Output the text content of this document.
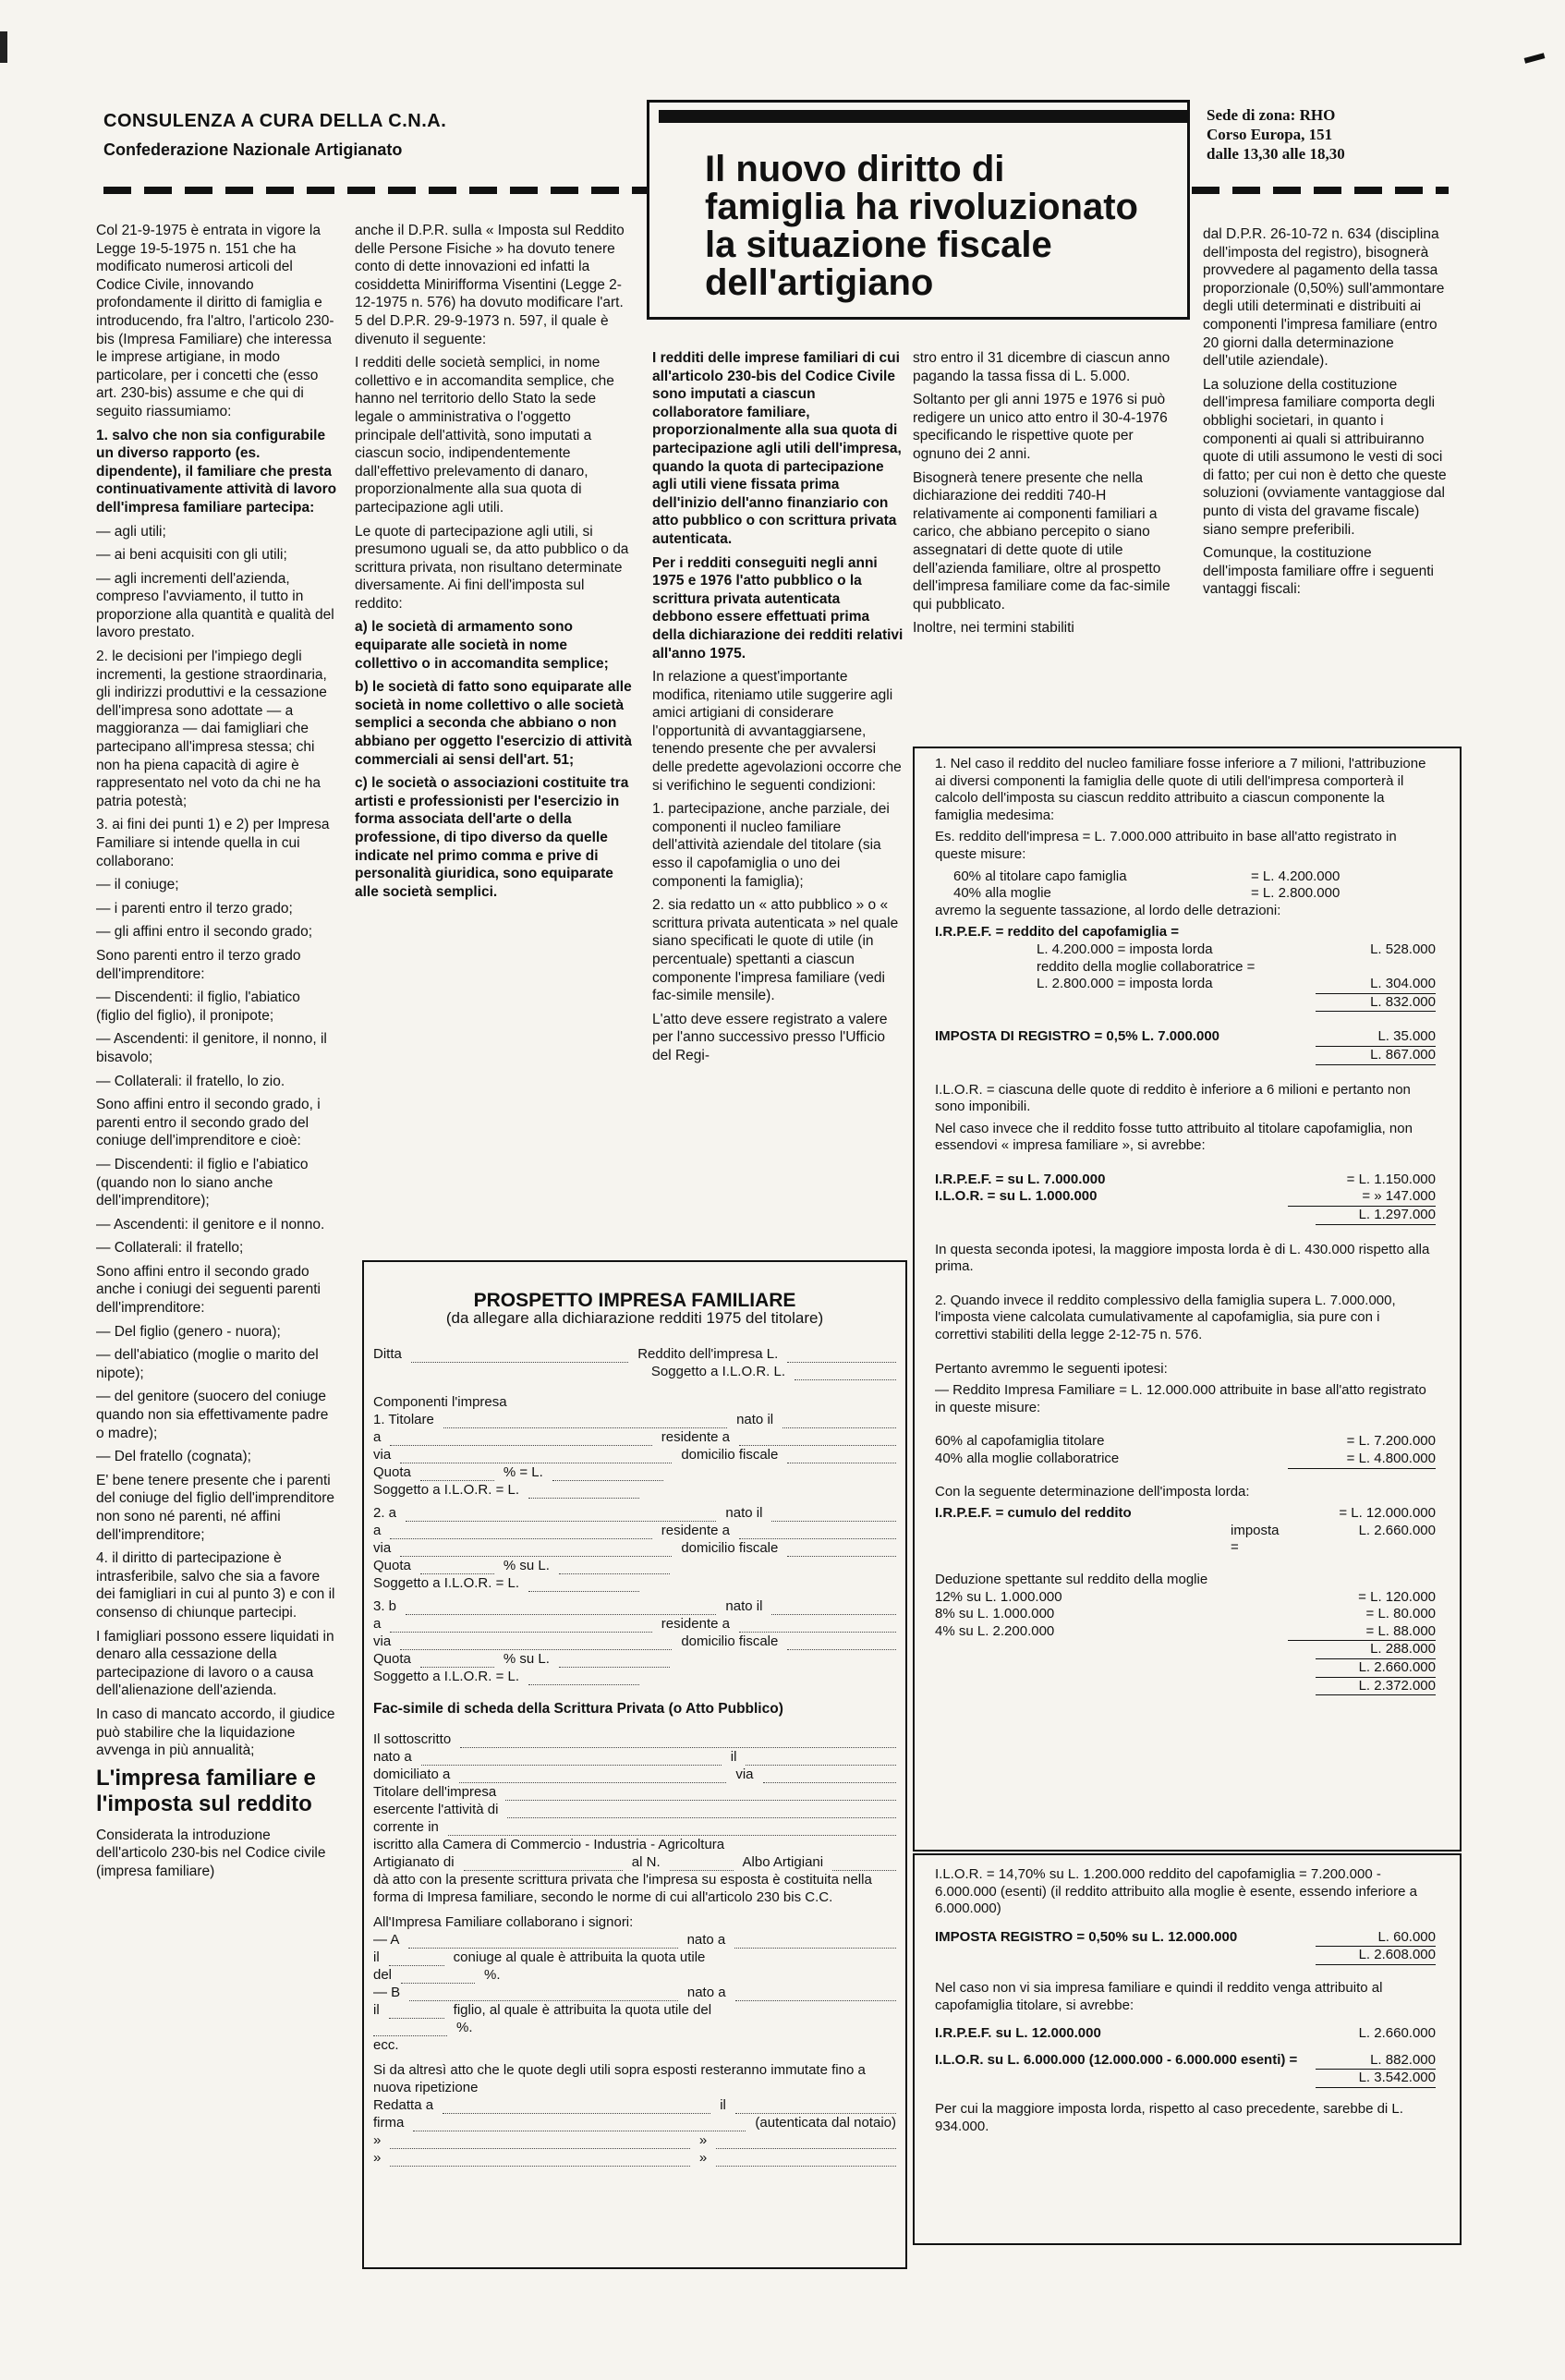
CONSULENZA A CURA DELLA C.N.A.
Confederazione Nazionale Artigianato	Il nuovo diritto di
famiglia ha rivoluzionato
la situazione fiscale
dell'artigiano
Sede di zona: RHO
Corso Europa, 151
dalle 13,30 alle 18,30

Col 21-9-1975 è entrata in vigore la Legge 19-5-1975 n. 151 che ha modificato numerosi articoli del Codice Civile, innovando profondamente il diritto di famiglia e introducendo, fra l'altro, l'articolo 230-bis (Impresa Familiare) che interessa le imprese artigiane, in modo particolare, per i concetti che (esso art. 230-bis) assume e che qui di seguito riassumiamo:

1. salvo che non sia configurabile un diverso rapporto (es. dipendente), il familiare che presta continuativamente attività di lavoro dell'impresa familiare partecipa:

— agli utili;

— ai beni acquisiti con gli utili;

— agli incrementi dell'azienda, compreso l'avviamento, il tutto in proporzione alla quantità e qualità del lavoro prestato.

2. le decisioni per l'impiego degli incrementi, la gestione straordinaria, gli indirizzi produttivi e la cessazione dell'impresa sono adottate — a maggioranza — dai famigliari che partecipano all'impresa stessa; chi non ha piena capacità di agire è rappresentato nel voto da chi ne ha patria potestà;

3. ai fini dei punti 1) e 2) per Impresa Familiare si intende quella in cui collaborano:

— il coniuge;

— i parenti entro il terzo grado;

— gli affini entro il secondo grado;

Sono parenti entro il terzo grado dell'imprenditore:

— Discendenti: il figlio, l'abiatico (figlio del figlio), il pronipote;

— Ascendenti: il genitore, il nonno, il bisavolo;

— Collaterali: il fratello, lo zio.

Sono affini entro il secondo grado, i parenti entro il secondo grado del coniuge dell'imprenditore e cioè:

— Discendenti: il figlio e l'abiatico (quando non lo siano anche dell'imprenditore);

— Ascendenti: il genitore e il nonno.

— Collaterali: il fratello;

Sono affini entro il secondo grado anche i coniugi dei seguenti parenti dell'imprenditore:

— Del figlio (genero - nuora);

— dell'abiatico (moglie o marito del nipote);

— del genitore (suocero del coniuge quando non sia effettivamente padre o madre);

— Del fratello (cognata);

E' bene tenere presente che i parenti del coniuge del figlio dell'imprenditore non sono né parenti, né affini dell'imprenditore;

4. il diritto di partecipazione è intrasferibile, salvo che sia a favore dei famigliari in cui al punto 3) e con il consenso di chiunque partecipi.

I famigliari possono essere liquidati in denaro alla cessazione della partecipazione di lavoro o a causa dell'alienazione dell'azienda.

In caso di mancato accordo, il giudice può stabilire che la liquidazione avvenga in più annualità;

L'impresa familiare e l'imposta sul reddito

Considerata la introduzione dell'articolo 230-bis nel Codice civile (impresa familiare)

anche il D.P.R. sulla « Imposta sul Reddito delle Persone Fisiche » ha dovuto tenere conto di dette innovazioni ed infatti la cosiddetta Minirifforma Visentini (Legge 2-12-1975 n. 576) ha dovuto modificare l'art. 5 del D.P.R. 29-9-1973 n. 597, il quale è divenuto il seguente:

I redditi delle società semplici, in nome collettivo e in accomandita semplice, che hanno nel territorio dello Stato la sede legale o amministrativa o l'oggetto principale dell'attività, sono imputati a ciascun socio, indipendentemente dall'effettivo prelevamento di danaro, proporzionalmente alla sua quota di partecipazione agli utili.

Le quote di partecipazione agli utili, si presumono uguali se, da atto pubblico o da scrittura privata, non risultano determinate diversamente. Ai fini dell'imposta sul reddito:

a) le società di armamento sono equiparate alle società in nome collettivo o in accomandita semplice;

b) le società di fatto sono equiparate alle società in nome collettivo o alle società semplici a seconda che abbiano o non abbiano per oggetto l'esercizio di attività commerciali ai sensi dell'art. 51;

c) le società o associazioni costituite tra artisti e professionisti per l'esercizio in forma associata dell'arte o della professione, di tipo diverso da quelle indicate nel primo comma e prive di personalità giuridica, sono equiparate alle società semplici.

I redditi delle imprese familiari di cui all'articolo 230-bis del Codice Civile sono imputati a ciascun collaboratore familiare, proporzionalmente alla sua quota di partecipazione agli utili dell'impresa, quando la quota di partecipazione agli utili viene fissata prima dell'inizio dell'anno finanziario con atto pubblico o con scrittura privata autenticata.

Per i redditi conseguiti negli anni 1975 e 1976 l'atto pubblico o la scrittura privata autenticata debbono essere effettuati prima della dichiarazione dei redditi relativi all'anno 1975.

In relazione a quest'importante modifica, riteniamo utile suggerire agli amici artigiani di considerare l'opportunità di avvantaggiarsene, tenendo presente che per avvalersi delle predette agevolazioni occorre che si verifichino le seguenti condizioni:

1. partecipazione, anche parziale, dei componenti il nucleo familiare dell'attività aziendale del titolare (sia esso il capofamiglia o uno dei componenti la famiglia);

2. sia redatto un « atto pubblico » o « scrittura privata autenticata » nel quale siano specificati le quote di utile (in percentuale) spettanti a ciascun componente l'impresa familiare (vedi fac-simile mensile).

L'atto deve essere registrato a valere per l'anno successivo presso l'Ufficio del Regi-

stro entro il 31 dicembre di ciascun anno pagando la tassa fissa di L. 5.000.

Soltanto per gli anni 1975 e 1976 si può redigere un unico atto entro il 30-4-1976 specificando le rispettive quote per ognuno dei 2 anni.

Bisognerà tenere presente che nella dichiarazione dei redditi 740-H relativamente ai componenti familiari a carico, che abbiano percepito o siano assegnatari di dette quote di utile dell'azienda familiare, oltre al prospetto dell'impresa familiare come da fac-simile qui pubblicato.

Inoltre, nei termini stabiliti

dal D.P.R. 26-10-72 n. 634 (disciplina dell'imposta del registro), bisognerà provvedere al pagamento della tassa proporzionale (0,50%) sull'ammontare degli utili determinati e distribuiti ai componenti l'impresa familiare (entro 20 giorni dalla determinazione dell'utile aziendale).

La soluzione della costituzione dell'impresa familiare comporta degli obblighi societari, in quanto i componenti ai quali si attribuiranno quote di utili assumono le vesti di soci di fatto; per cui non è detto che queste soluzioni (ovviamente vantaggiose dal punto di vista del gravame fiscale) siano sempre preferibili.

Comunque, la costituzione dell'imposta familiare offre i seguenti vantaggi fiscali:

PROSPETTO IMPRESA FAMILIARE
(da allegare alla dichiarazione redditi 1975 del titolare)
Ditta	Reddito dell'impresa L.
Soggetto a I.L.O.R. L.
Componenti l'impresa
1. Titolare	nato il
a	residente a
via	domicilio fiscale
Quota	% = L.
Soggetto a I.L.O.R. = L.
2. a	nato il
a	residente a
via	domicilio fiscale
Quota	% su L.
Soggetto a I.L.O.R. = L.
3. b	nato il
a	residente a
via	domicilio fiscale
Quota	% su L.
Soggetto a I.L.O.R. = L.
Fac-simile di scheda della Scrittura Privata (o Atto Pubblico)
Il sottoscritto
nato a	il
domiciliato a	via
Titolare dell'impresa
esercente l'attività di
corrente in
iscritto alla Camera di Commercio - Industria - Agricoltura
Artigianato di	al N.	Albo Artigiani
dà atto con la presente scrittura privata che l'impresa su esposta è costituita nella forma di Impresa familiare, secondo le norme di cui all'articolo 230 bis C.C.
All'Impresa Familiare collaborano i signori:
— A	nato a
il	coniuge al quale è attribuita la quota utile
del	%.
— B	nato a
il	figlio, al quale è attribuita la quota utile del
%.
ecc.
Si da altresì atto che le quote degli utili sopra esposti resteranno immutate fino a nuova ripetizione
Redatta a	il
firma	(autenticata dal notaio)
»	»
»	»

1. Nel caso il reddito del nucleo familiare fosse inferiore a 7 milioni, l'attribuzione ai diversi componenti la famiglia delle quote di utili dell'impresa comporterà il calcolo dell'imposta su ciascun reddito attribuito a ciascun componente la famiglia medesima:

Es. reddito dell'impresa = L. 7.000.000 attribuito in base all'atto registrato in queste misure:

60% al titolare capo famiglia	= L. 4.200.000
40% alla moglie	= L. 2.800.000

avremo la seguente tassazione, al lordo delle detrazioni:

I.R.P.E.F. = reddito del capofamiglia =
L. 4.200.000 = imposta lorda	L. 528.000
reddito della moglie collaboratrice =
L. 2.800.000 = imposta lorda	L. 304.000
L. 832.000
IMPOSTA DI REGISTRO = 0,5% L. 7.000.000	L. 35.000
L. 867.000

I.L.O.R. = ciascuna delle quote di reddito è inferiore a 6 milioni e pertanto non sono imponibili.

Nel caso invece che il reddito fosse tutto attribuito al titolare capofamiglia, non essendovi « impresa familiare », si avrebbe:

I.R.P.E.F. = su L. 7.000.000	= L. 1.150.000
I.L.O.R. = su L. 1.000.000	= » 147.000
L. 1.297.000

In questa seconda ipotesi, la maggiore imposta lorda è di L. 430.000 rispetto alla prima.

2. Quando invece il reddito complessivo della famiglia supera L. 7.000.000, l'imposta viene calcolata cumulativamente al capofamiglia, sia pure con i correttivi stabiliti della legge 2-12-75 n. 576.

Pertanto avremmo le seguenti ipotesi:

— Reddito Impresa Familiare = L. 12.000.000 attribuite in base all'atto registrato in queste misure:

60% al capofamiglia titolare	= L. 7.200.000
40% alla moglie collaboratrice	= L. 4.800.000

Con la seguente determinazione dell'imposta lorda:

I.R.P.E.F. = cumulo del reddito	= L. 12.000.000
imposta =
L. 2.660.000
Deduzione spettante sul reddito della moglie
12% su L. 1.000.000	= L. 120.000
8% su L. 1.000.000	= L. 80.000
4% su L. 2.200.000	= L. 88.000
L. 288.000
L. 2.660.000
L. 2.372.000

I.L.O.R. = 14,70% su L. 1.200.000 reddito del capofamiglia = 7.200.000 - 6.000.000 (esenti) (il reddito attribuito alla moglie è esente, essendo inferiore a 6.000.000)

IMPOSTA REGISTRO = 0,50% su L. 12.000.000	L. 60.000
L. 2.608.000

Nel caso non vi sia impresa familiare e quindi il reddito venga attribuito al capofamiglia titolare, si avrebbe:

I.R.P.E.F. su L. 12.000.000	L. 2.660.000
I.L.O.R. su L. 6.000.000 (12.000.000 - 6.000.000 esenti) =	L. 882.000
L. 3.542.000

Per cui la maggiore imposta lorda, rispetto al caso precedente, sarebbe di L. 934.000.
